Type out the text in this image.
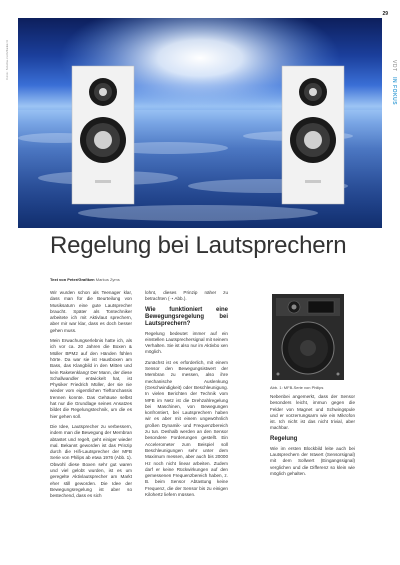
29
Foto: fotolia.com/bekerit	VDT   IN FOKUS
Regelung bei Lautsprechern
Text von Peter/Grafiken Markus Zyms

Wir wurden schon als Teenager klar, dass man für die Beurteilung von Musiksaturn eine gute Lautsprecher braucht. Später als Tontechniker arbeitete ich mit Aktivlaut sprechern, aber mir war klar, dass es doch besser gehen muss.

Mein Erwachungserlebnis hatte ich, als ich vor ca. 20 Jahren die Boxen & Müller BPM2 auf den Händen fühlen hörte. Da war sie ist Hausboxen am Bass, das Klangbild in den Mitten und kein Raketenklang! Der Mann, der diese Schallwandler entwickelt hat, ist Physiker Friedrich Müller, der sie nie wieder vom eigentlichen Tieftonchassis trennen konnte. Das Gehäuse selbst hat nur die Grundlage seines Ansatzes bildet die Regelungstechnik, um die es hier gehen soll.

Die Idee, Lautsprecher zu verbessern, indem man die Bewegung der Membran abtastet und regelt, geht einiger wieder mal. Bekannt geworden ist das Prinzip durch die Hifi-Lautsprecher der MFB Serie von Philips ab etwa 1976 (Abb. 1). Obwohl diese Boxen sehr gut waren und viel gelobt wurden, ist es um geregelte Aktivlautsprecher am Markt eher still geworden. Die Idee der Bewegungsregelung ist aber so bestechend, dass es sich

lohnt, dieses Prinzip näher zu betrachten (➝ Abb.).

Wie funktioniert eine Bewegungsregelung bei Lautsprechern?

Regelung bedeutet immer auf ein einstellen Lautsprechersignal mit seinem Verhalten. Sie ist also nur im Aktivbo xen möglich.

Zunächst ist es erforderlich, mit einem Sensor den Bewegungsistwert der Membran zu messen, also ihre mechanische Auslenkung (Geschwindigkeit) oder Beschleunigung. In vielen Berichten der Technik vom MFB im Netz ist die Drehzahlregelung bei Maschinen, von Bewegungen konfrontiert, bei Lautsprechern haben wir es aber mit einem ungewöhnlich großen Dynamik- und Frequenzbereich zu tun. Deshalb werden an den Sensor besondere Forderungen gestellt. Ein Accelerometer zum Beispiel soll Beschleunigungen sehr unter dem Maximum messen, aber auch bis 20000 Hz noch nicht linear arbeiten. Zudem darf er keine Rückwirkungen auf den gemessenen Frequenzbereich haben, z. B. beim Sensor Abtastung keine Frequenz, die der Sensor bis zu einigen Kilohertz liefern müssen.

Abb. 1: MFB-Serie von Philips

Nebenbei angemerkt, dass der Sensor besonders leicht, immun gegen die Felder von Magnet und Schwingspule und er vorzerrungsarm wie ein Mikrofon ist. Ich nicht ist das nicht trivial, aber machbar.

Regelung

Wie im ersten Blockbild leite auch bei Lautsprechern der Istwert (Sensorsignal) mit dem Sollwert (Eingangssignal) verglichen und die Differenz so klein wie möglich gehalten.
